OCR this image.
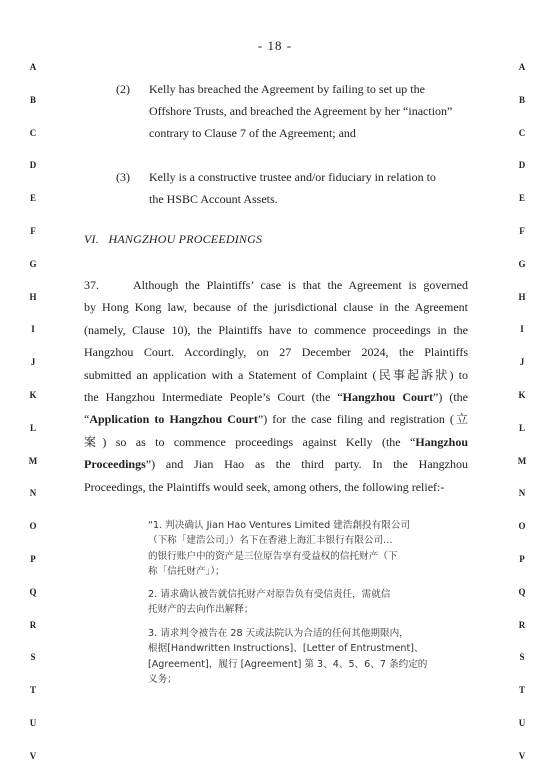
- 18 -
A	A
B	B
C	C
D	D
E	E
F	F
G	G
H	H
I	I
J	J
K	K
L	L
M	M
N	N
O	O
P	P
Q	Q
R	R
S	S
T	T
U	U
V	V
(2) Kelly has breached the Agreement by failing to set up the
Offshore Trusts, and breached the Agreement by her “inaction”
contrary to Clause 7 of the Agreement; and
(3) Kelly is a constructive trustee and/or fiduciary in relation to
the HSBC Account Assets.
VI.   HANGZHOU PROCEEDINGS
37.	Although the Plaintiffs’ case is that the Agreement is governed
by Hong Kong law, because of the jurisdictional clause in the Agreement
(namely, Clause 10), the Plaintiffs have to commence proceedings in the
Hangzhou Court. Accordingly, on 27 December 2024, the Plaintiffs
submitted an application with a Statement of Complaint (民事起訴狀) to
the Hangzhou Intermediate People’s Court (the “Hangzhou Court”) (the
“Application to Hangzhou Court”) for the case filing and registration (立
案) so as to commence proceedings against Kelly (the “Hangzhou
Proceedings”) and Jian Hao as the third party. In the Hangzhou
Proceedings, the Plaintiffs would seek, among others, the following relief:-
“1. 判决确认 Jian Hao Ventures Limited 建浩創投有限公司
（下称「建浩公司」）名下在香港上海汇丰银行有限公司…
的银行账户中的资产是三位原告享有受益权的信托财产（下
称「信托财产」）；
2. 请求确认被告就信托财产对原告负有受信责任，需就信
托财产的去向作出解释；
3. 请求判令被告在 28 天或法院认为合适的任何其他期限内，
根据[Handwritten Instructions]、[Letter of Entrustment]、
[Agreement]，履行 [Agreement] 第 3、4、5、6、7 条约定的
义务；
